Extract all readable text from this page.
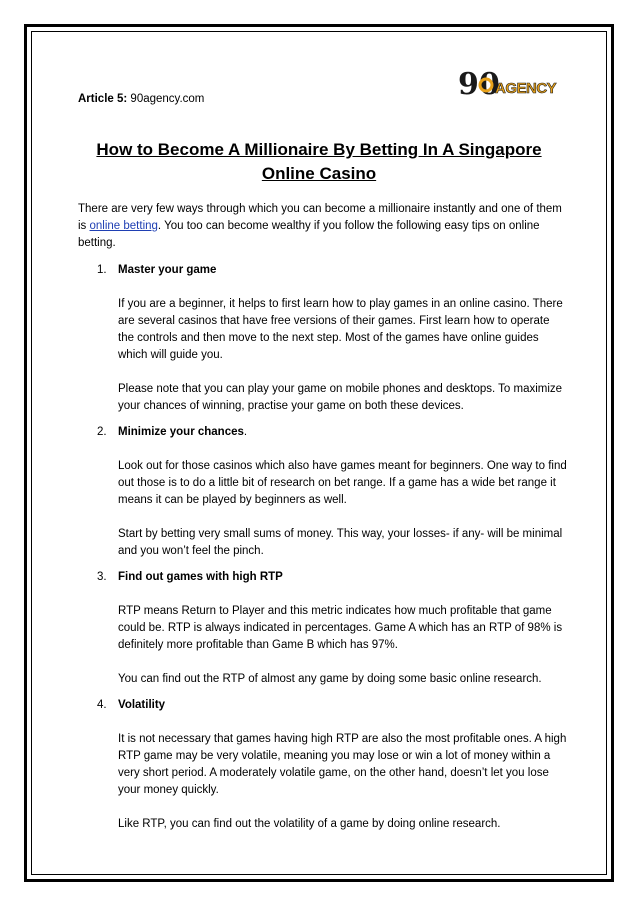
90
AGENCY
Article 5: 90agency.com
How to Become A Millionaire By Betting In A Singapore Online Casino
There are very few ways through which you can become a millionaire instantly and one of them is online betting. You too can become wealthy if you follow the following easy tips on online betting.
1. Master your game

If you are a beginner, it helps to first learn how to play games in an online casino. There are several casinos that have free versions of their games. First learn how to operate the controls and then move to the next step. Most of the games have online guides which will guide you.

Please note that you can play your game on mobile phones and desktops. To maximize your chances of winning, practise your game on both these devices.

2. Minimize your chances.

Look out for those casinos which also have games meant for beginners. One way to find out those is to do a little bit of research on bet range. If a game has a wide bet range it means it can be played by beginners as well.

Start by betting very small sums of money. This way, your losses- if any- will be minimal and you won’t feel the pinch.

3. Find out games with high RTP

RTP means Return to Player and this metric indicates how much profitable that game could be. RTP is always indicated in percentages. Game A which has an RTP of 98% is definitely more profitable than Game B which has 97%.

You can find out the RTP of almost any game by doing some basic online research.

4. Volatility

It is not necessary that games having high RTP are also the most profitable ones. A high RTP game may be very volatile, meaning you may lose or win a lot of money within a very short period. A moderately volatile game, on the other hand, doesn’t let you lose your money quickly.

Like RTP, you can find out the volatility of a game by doing online research.
